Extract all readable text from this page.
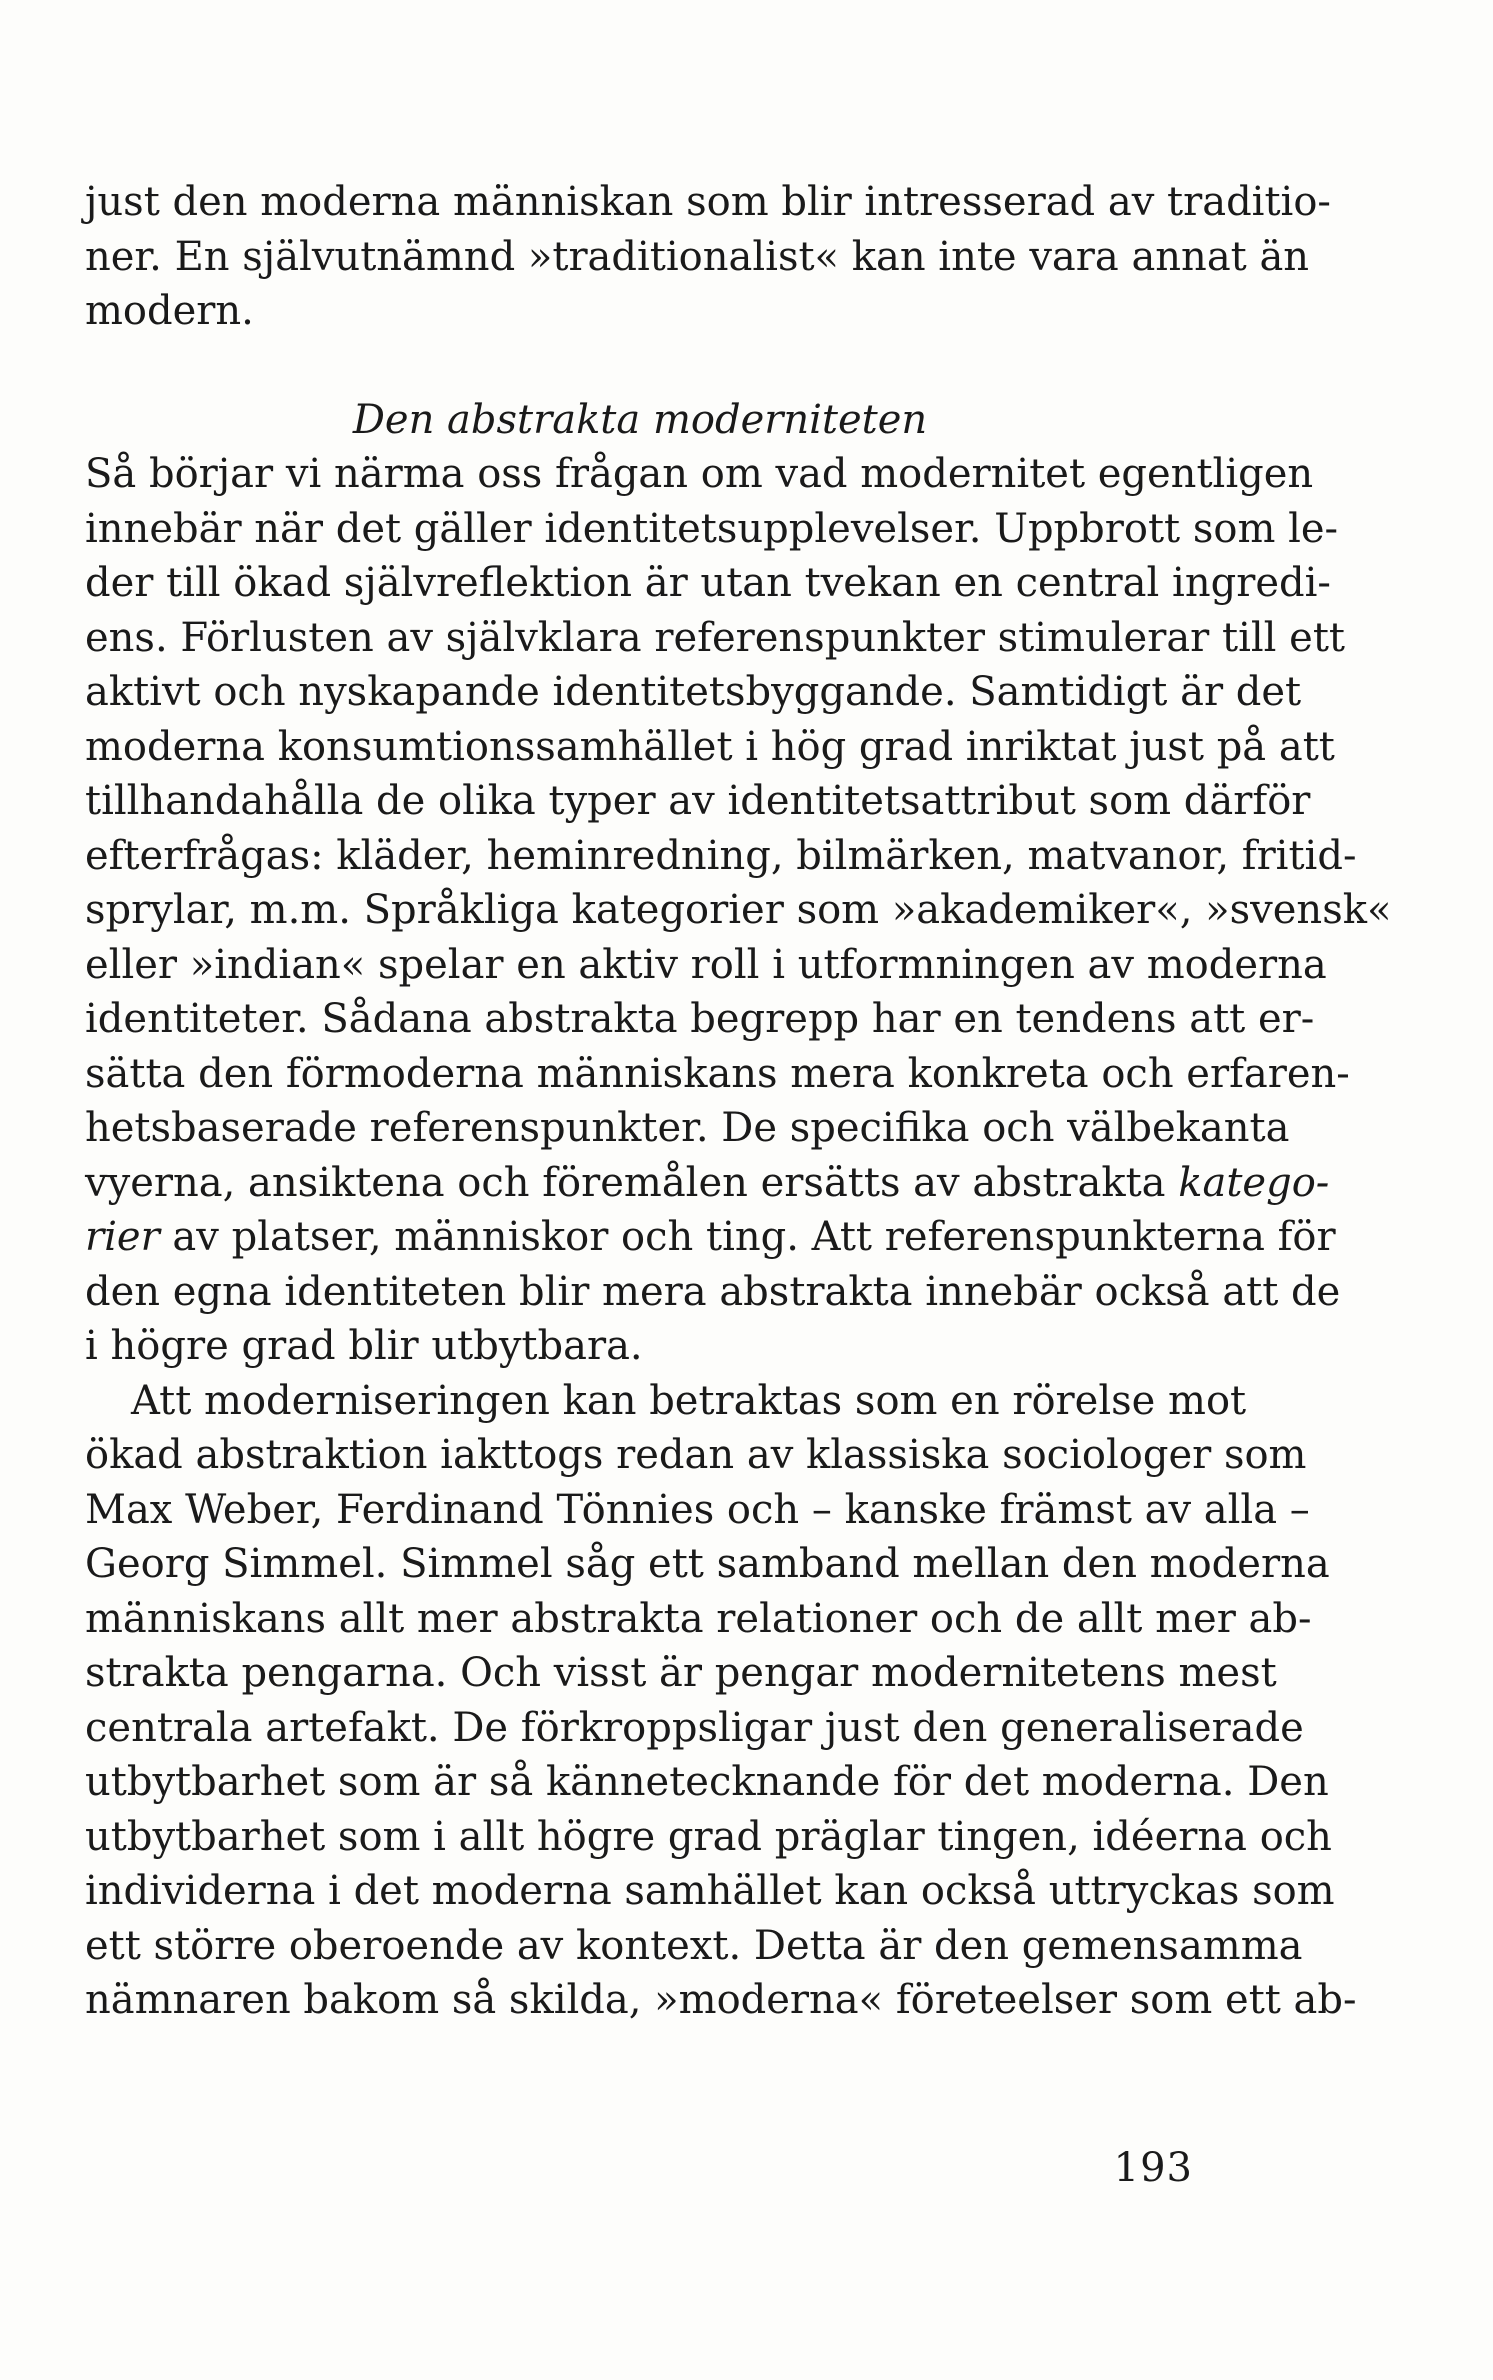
just den moderna människan som blir intresserad av traditio-
ner. En självutnämnd »traditionalist« kan inte vara annat än
modern.
Den abstrakta moderniteten
Så börjar vi närma oss frågan om vad modernitet egentligen
innebär när det gäller identitetsupplevelser. Uppbrott som le-
der till ökad självreflektion är utan tvekan en central ingredi-
ens. Förlusten av självklara referenspunkter stimulerar till ett
aktivt och nyskapande identitetsbyggande. Samtidigt är det
moderna konsumtionssamhället i hög grad inriktat just på att
tillhandahålla de olika typer av identitetsattribut som därför
efterfrågas: kläder, heminredning, bilmärken, matvanor, fritid-
sprylar, m.m. Språkliga kategorier som »akademiker«, »svensk«
eller »indian« spelar en aktiv roll i utformningen av moderna
identiteter. Sådana abstrakta begrepp har en tendens att er-
sätta den förmoderna människans mera konkreta och erfaren-
hetsbaserade referenspunkter. De specifika och välbekanta
vyerna, ansiktena och föremålen ersätts av abstrakta katego-
rier av platser, människor och ting. Att referenspunkterna för
den egna identiteten blir mera abstrakta innebär också att de
i högre grad blir utbytbara.
Att moderniseringen kan betraktas som en rörelse mot
ökad abstraktion iakttogs redan av klassiska sociologer som
Max Weber, Ferdinand Tönnies och – kanske främst av alla –
Georg Simmel. Simmel såg ett samband mellan den moderna
människans allt mer abstrakta relationer och de allt mer ab-
strakta pengarna. Och visst är pengar modernitetens mest
centrala artefakt. De förkroppsligar just den generaliserade
utbytbarhet som är så kännetecknande för det moderna. Den
utbytbarhet som i allt högre grad präglar tingen, idéerna och
individerna i det moderna samhället kan också uttryckas som
ett större oberoende av kontext. Detta är den gemensamma
nämnaren bakom så skilda, »moderna« företeelser som ett ab-
193
